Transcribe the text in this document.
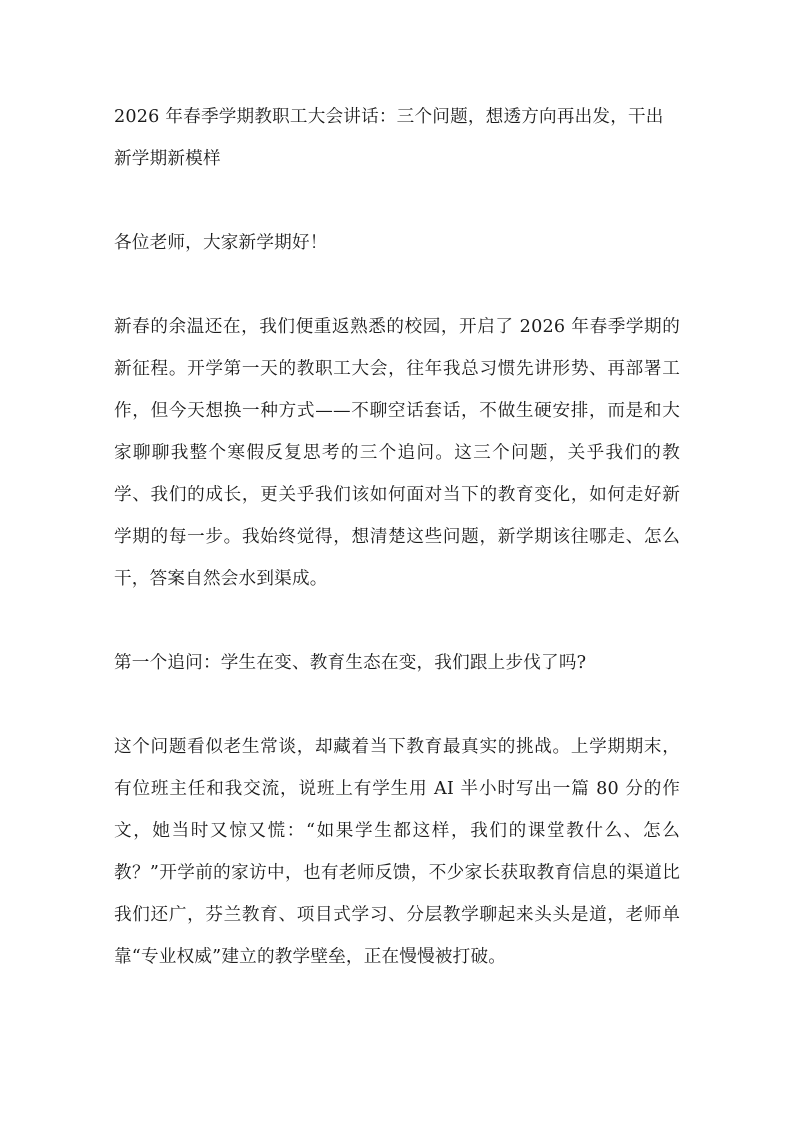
2026 年春季学期教职工大会讲话：三个问题，想透方向再出发，干出新学期新模样

各位老师，大家新学期好！

新春的余温还在，我们便重返熟悉的校园，开启了 2026 年春季学期的新征程。开学第一天的教职工大会，往年我总习惯先讲形势、再部署工作，但今天想换一种方式——不聊空话套话，不做生硬安排，而是和大家聊聊我整个寒假反复思考的三个追问。这三个问题，关乎我们的教学、我们的成长，更关乎我们该如何面对当下的教育变化，如何走好新学期的每一步。我始终觉得，想清楚这些问题，新学期该往哪走、怎么干，答案自然会水到渠成。

第一个追问：学生在变、教育生态在变，我们跟上步伐了吗?

这个问题看似老生常谈，却藏着当下教育最真实的挑战。上学期期末，有位班主任和我交流，说班上有学生用 AI 半小时写出一篇 80 分的作文，她当时又惊又慌：“如果学生都这样，我们的课堂教什么、怎么教？”开学前的家访中，也有老师反馈，不少家长获取教育信息的渠道比我们还广，芬兰教育、项目式学习、分层教学聊起来头头是道，老师单靠“专业权威”建立的教学壁垒，正在慢慢被打破。
